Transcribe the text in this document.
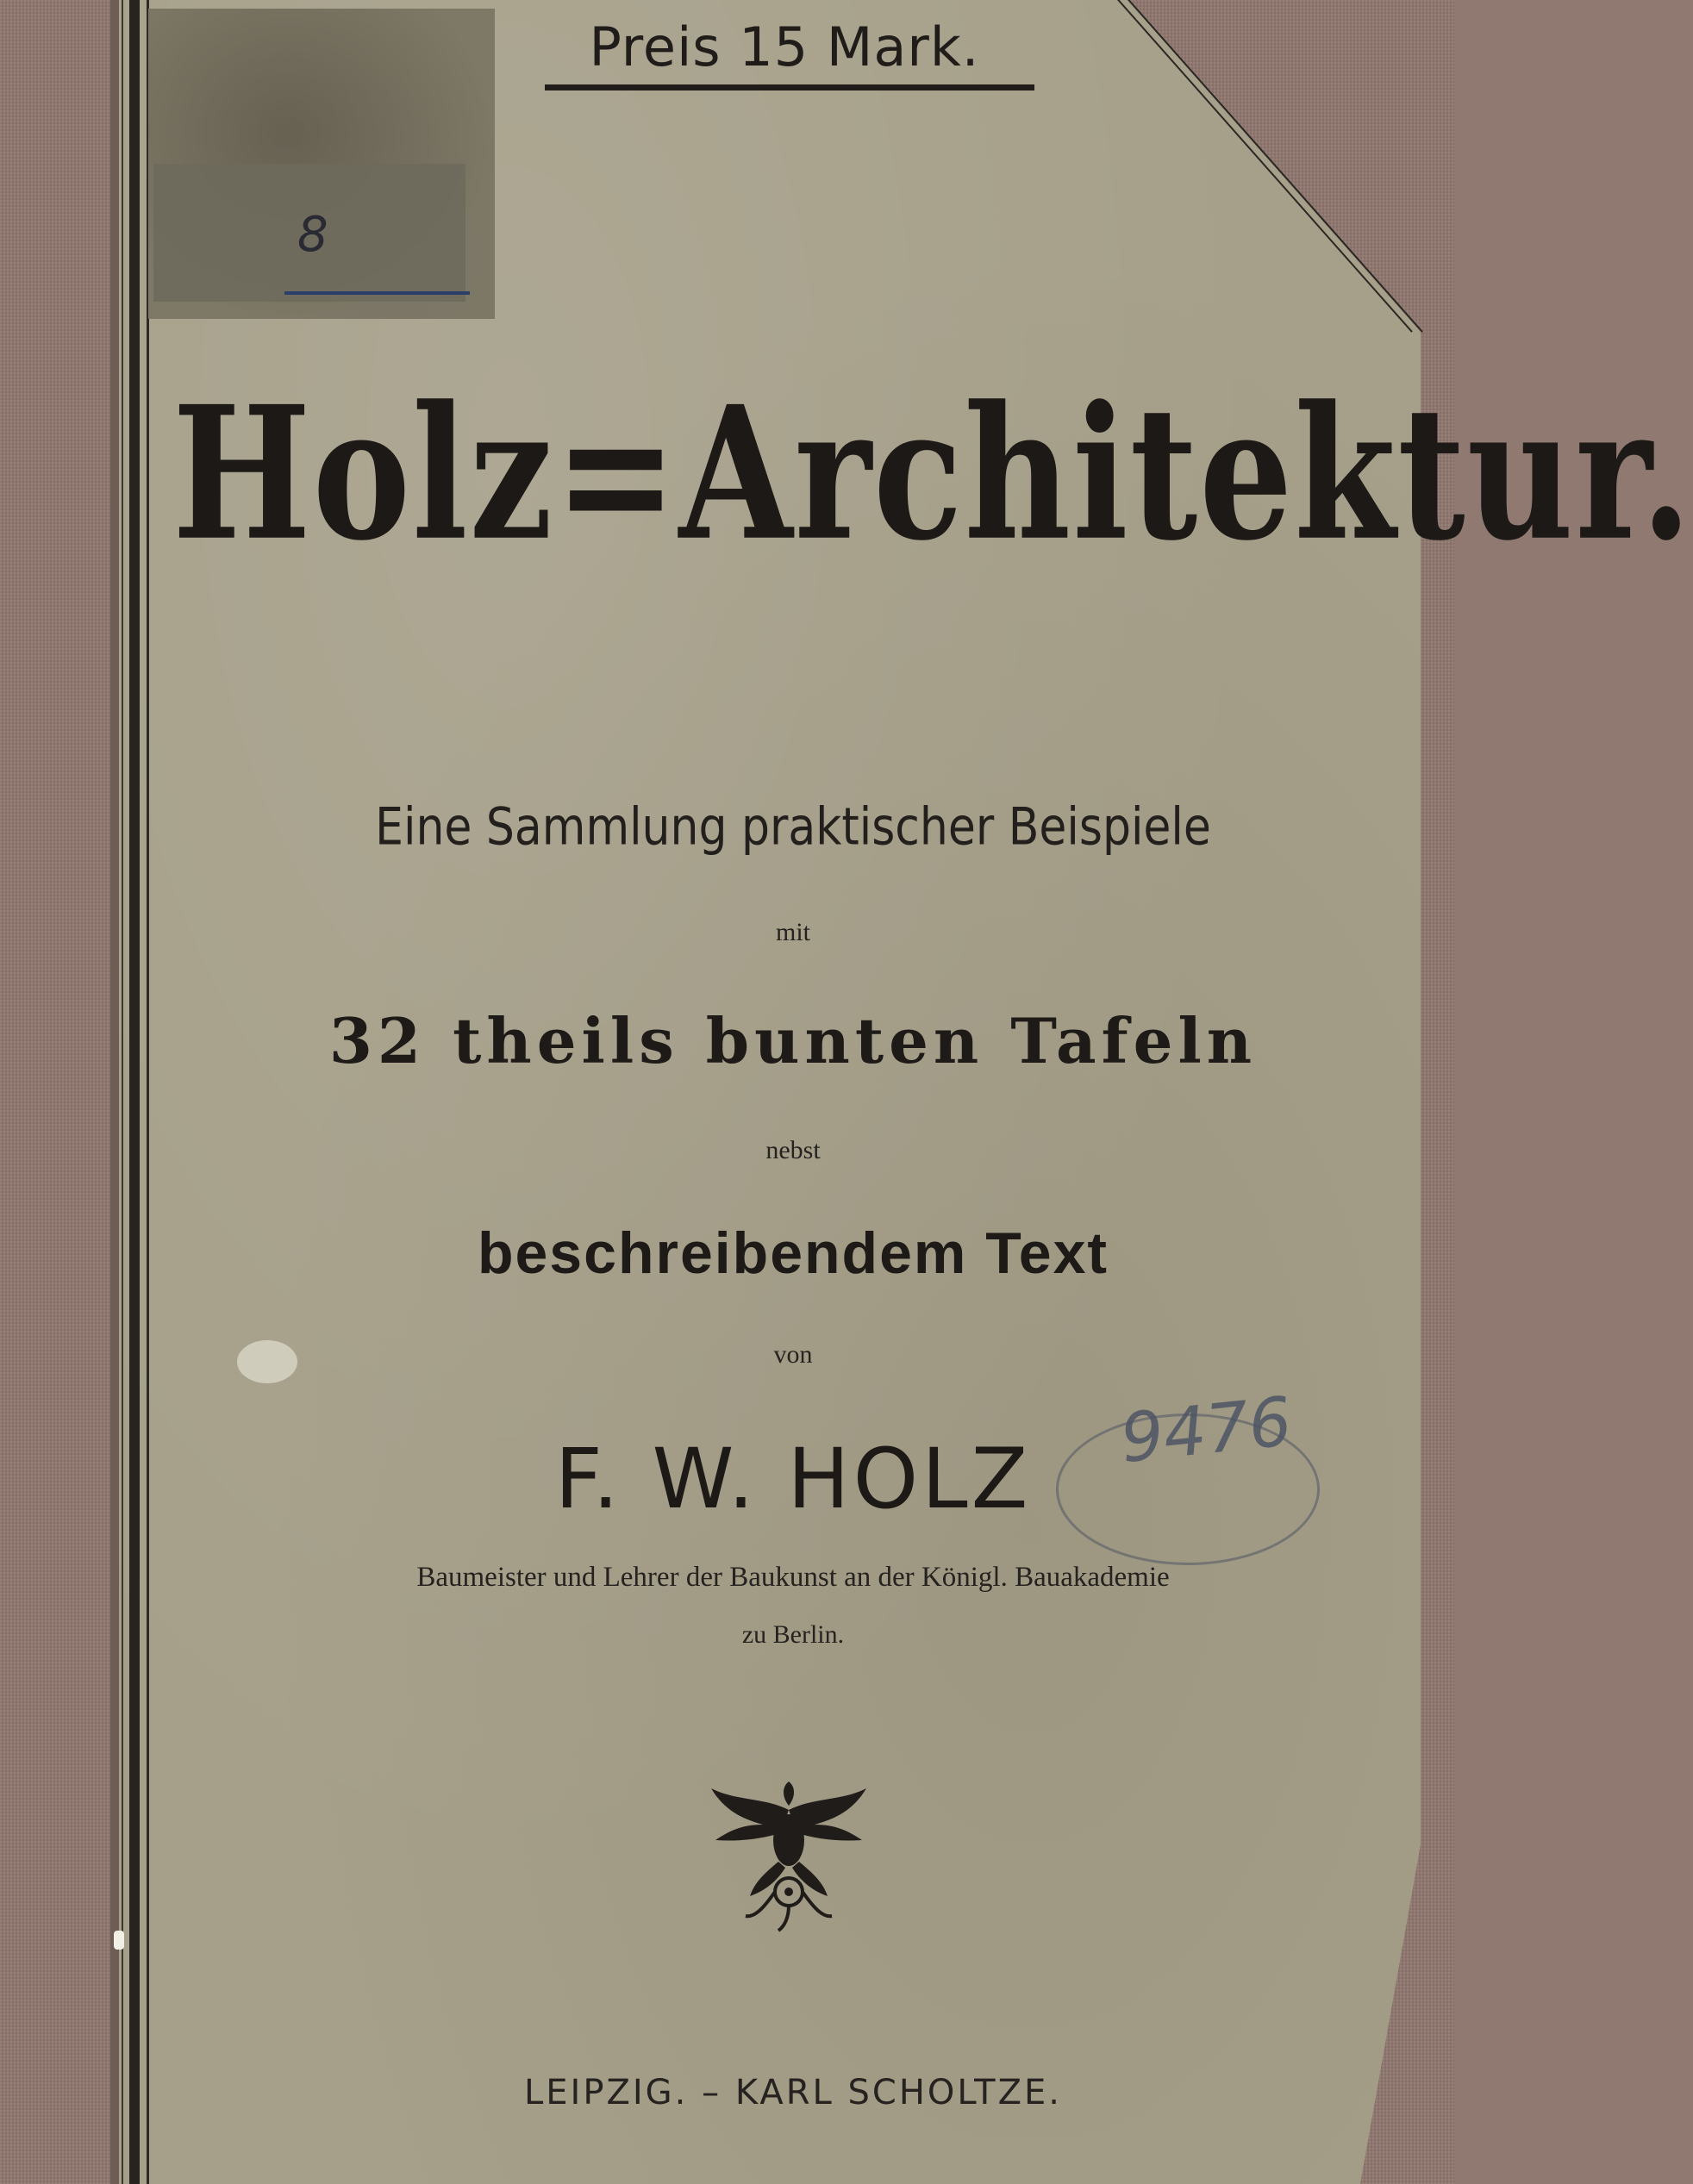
8
Preis 15 Mark.
Holz=Architektur.
Eine Sammlung praktischer Beispiele
mit
32 theils bunten Tafeln
nebst
beschreibendem Text
von
F. W. HOLZ
Baumeister und Lehrer der Baukunst an der Königl. Bauakademie
zu Berlin.
9476
LEIPZIG. – KARL SCHOLTZE.
